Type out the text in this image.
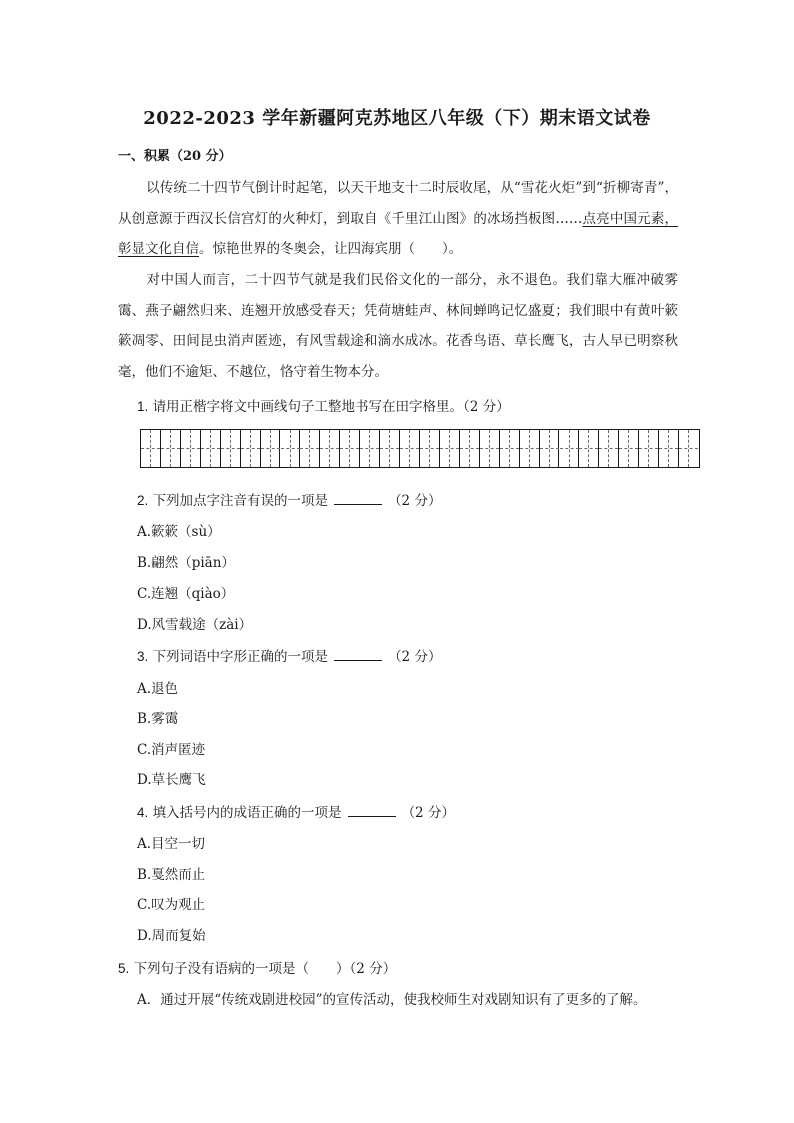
2022-2023 学年新疆阿克苏地区八年级（下）期末语文试卷
一、积累（20 分）
以传统二十四节气倒计时起笔，以天干地支十二时辰收尾，从“雪花火炬”到“折柳寄青”，从创意源于西汉长信宫灯的火种灯，到取自《千里江山图》的冰场挡板图……点亮中国元素，彰显文化自信。惊艳世界的冬奥会，让四海宾朋（　　）。
对中国人而言，二十四节气就是我们民俗文化的一部分，永不退色。我们靠大雁冲破雾霭、燕子翩然归来、连翘开放感受春天；凭荷塘蛙声、林间蝉鸣记忆盛夏；我们眼中有黄叶簌簌凋零、田间昆虫消声匿迹，有风雪载途和滴水成冰。花香鸟语、草长鹰飞，古人早已明察秋毫，他们不逾矩、不越位，恪守着生物本分。
1. 请用正楷字将文中画线句子工整地书写在田字格里。（2 分）
2. 下列加点字注音有误的一项是	（2 分）
A.簌簌（sù）
B.翩然（piān）
C.连翘（qiào）
D.风雪载途（zài）
3. 下列词语中字形正确的一项是	（2 分）
A.退色
B.雾霭
C.消声匿迹
D.草长鹰飞
4. 填入括号内的成语正确的一项是	（2 分）
A.目空一切
B.戛然而止
C.叹为观止
D.周而复始
5. 下列句子没有语病的一项是（　　）（2 分）
A．通过开展“传统戏剧进校园”的宣传活动，使我校师生对戏剧知识有了更多的了解。
